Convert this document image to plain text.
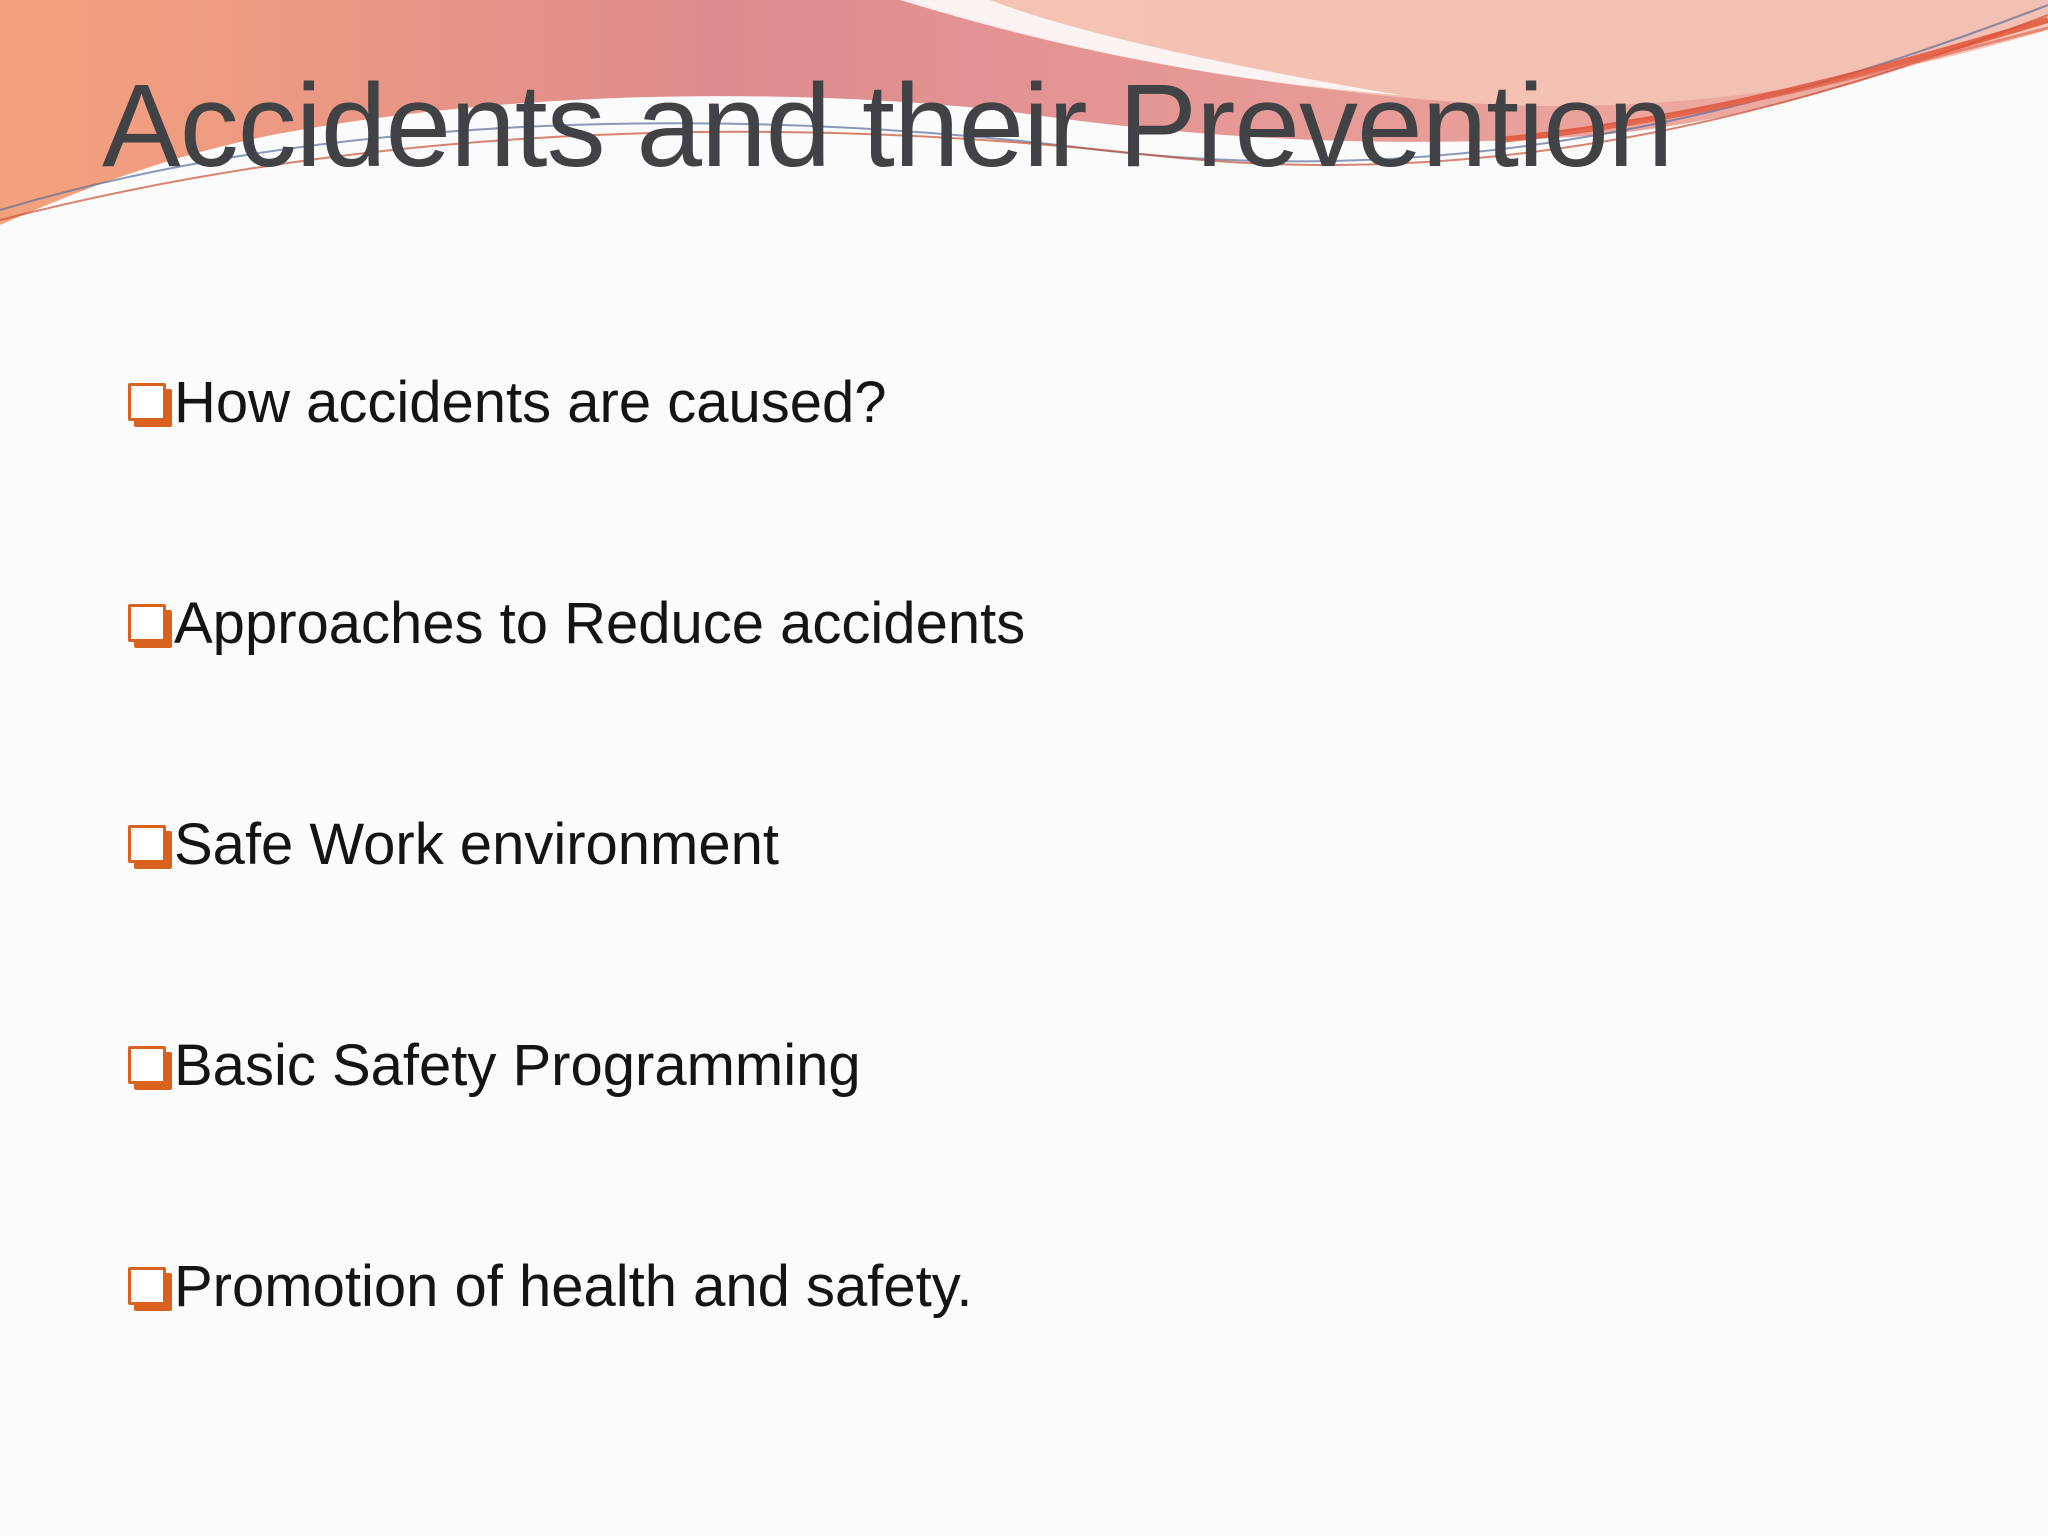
Accidents and their Prevention
How accidents are caused?
Approaches to Reduce accidents
Safe Work environment
Basic Safety Programming
Promotion of health and safety.
